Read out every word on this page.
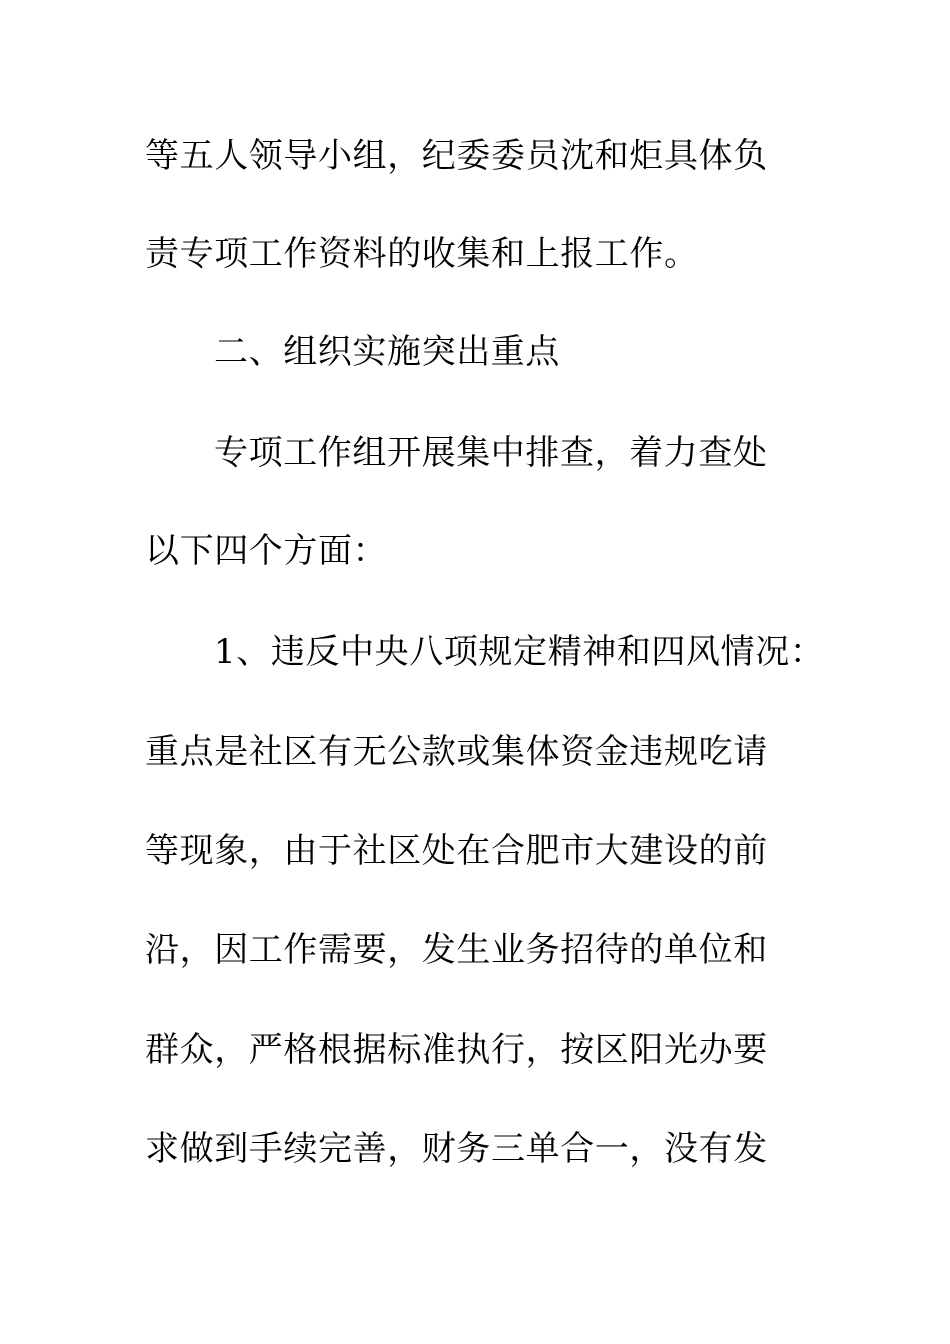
等五人领导小组，纪委委员沈和炬具体负
责专项工作资料的收集和上报工作。
二、组织实施突出重点
专项工作组开展集中排查，着力查处
以下四个方面：
1、违反中央八项规定精神和四风情况：
重点是社区有无公款或集体资金违规吃请
等现象，由于社区处在合肥市大建设的前
沿，因工作需要，发生业务招待的单位和
群众，严格根据标准执行，按区阳光办要
求做到手续完善，财务三单合一，没有发
